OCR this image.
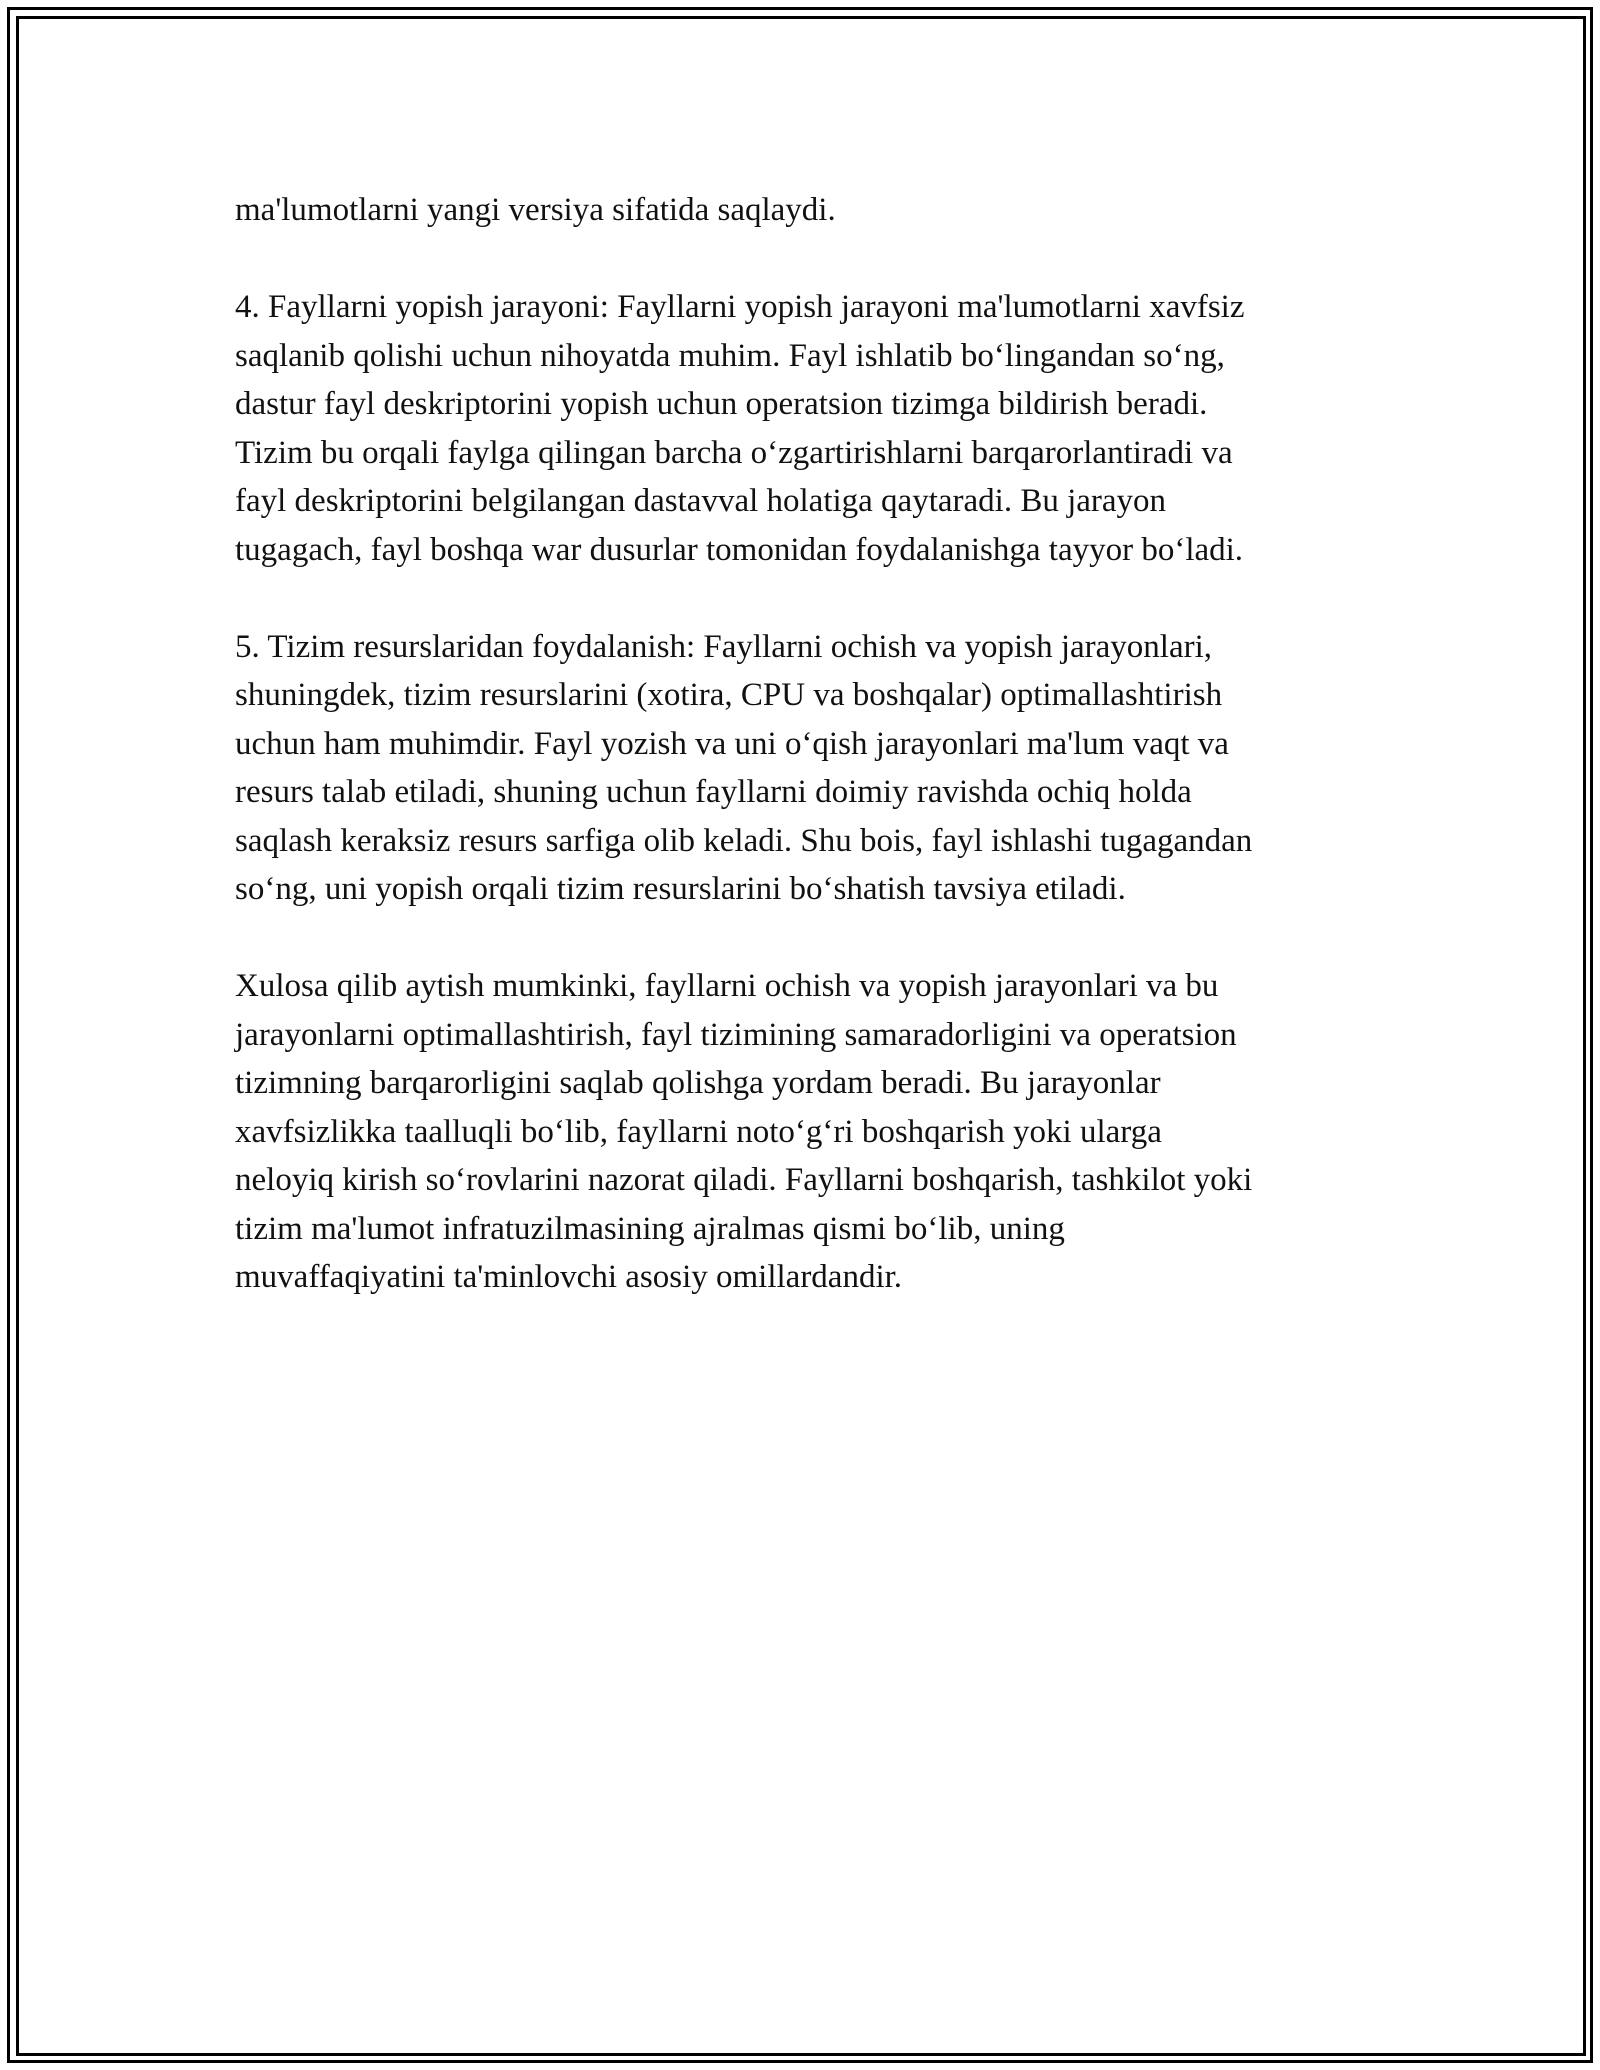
ma'lumotlarni yangi versiya sifatida saqlaydi.
4. Fayllarni yopish jarayoni: Fayllarni yopish jarayoni ma'lumotlarni xavfsiz
saqlanib qolishi uchun nihoyatda muhim. Fayl ishlatib bo‘lingandan so‘ng,
dastur fayl deskriptorini yopish uchun operatsion tizimga bildirish beradi.
Tizim bu orqali faylga qilingan barcha o‘zgartirishlarni barqarorlantiradi va
fayl deskriptorini belgilangan dastavval holatiga qaytaradi. Bu jarayon
tugagach, fayl boshqa war dusurlar tomonidan foydalanishga tayyor bo‘ladi.
5. Tizim resurslaridan foydalanish: Fayllarni ochish va yopish jarayonlari,
shuningdek, tizim resurslarini (xotira, CPU va boshqalar) optimallashtirish
uchun ham muhimdir. Fayl yozish va uni o‘qish jarayonlari ma'lum vaqt va
resurs talab etiladi, shuning uchun fayllarni doimiy ravishda ochiq holda
saqlash keraksiz resurs sarfiga olib keladi. Shu bois, fayl ishlashi tugagandan
so‘ng, uni yopish orqali tizim resurslarini bo‘shatish tavsiya etiladi.
Xulosa qilib aytish mumkinki, fayllarni ochish va yopish jarayonlari va bu
jarayonlarni optimallashtirish, fayl tizimining samaradorligini va operatsion
tizimning barqarorligini saqlab qolishga yordam beradi. Bu jarayonlar
xavfsizlikka taalluqli bo‘lib, fayllarni noto‘g‘ri boshqarish yoki ularga
neloyiq kirish so‘rovlarini nazorat qiladi. Fayllarni boshqarish, tashkilot yoki
tizim ma'lumot infratuzilmasining ajralmas qismi bo‘lib, uning
muvaffaqiyatini ta'minlovchi asosiy omillardandir.
